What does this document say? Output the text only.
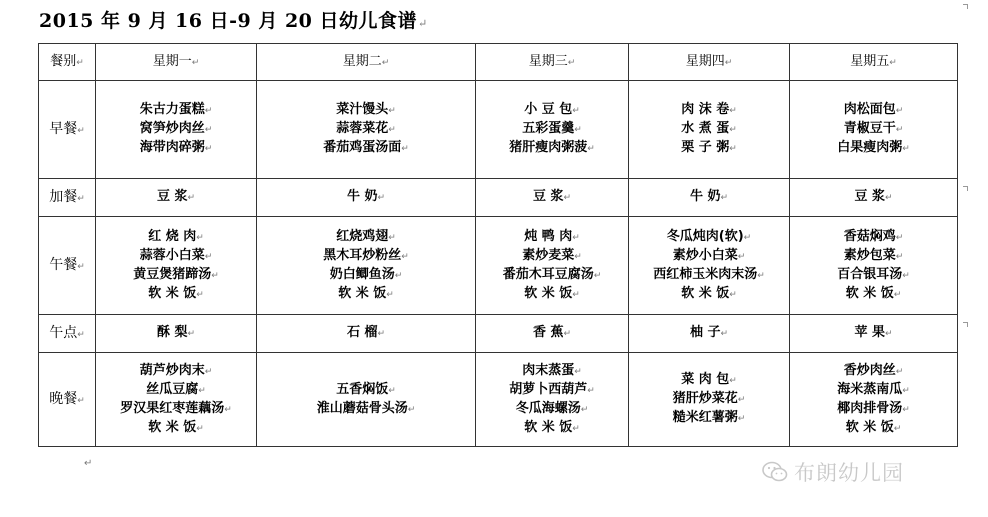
2015 年 9 月 16 日-9 月 20 日幼儿食谱↵
餐别↵	星期一↵	星期二↵	星期三↵	星期四↵	星期五↵
早餐↵	朱古力蛋糕↵
窝笋炒肉丝↵
海带肉碎粥↵	菜汁馒头↵
蒜蓉菜花↵
番茄鸡蛋汤面↵	小 豆 包↵
五彩蛋羹↵
猪肝瘦肉粥菠↵	肉 沫 卷↵
水 煮 蛋↵
栗 子 粥↵	肉松面包↵
青椒豆干↵
白果瘦肉粥↵

加餐↵	豆 浆↵	牛 奶↵	豆 浆↵	牛 奶↵	豆 浆↵

午餐↵	红 烧 肉↵
蒜蓉小白菜↵
黄豆煲猪蹄汤↵
软 米 饭↵	红烧鸡翅↵
黑木耳炒粉丝↵
奶白鲫鱼汤↵
软 米 饭↵	炖 鸭 肉↵
素炒麦菜↵
番茄木耳豆腐汤↵
软 米 饭↵	冬瓜炖肉(软)↵
素炒小白菜↵
西红柿玉米肉末汤↵
软 米 饭↵	香菇焖鸡↵
素炒包菜↵
百合银耳汤↵
软 米 饭↵

午点↵	酥 梨↵	石 榴↵	香 蕉↵	柚 子↵	苹 果↵

晚餐↵	葫芦炒肉末↵
丝瓜豆腐↵
罗汉果红枣莲藕汤↵
软 米 饭↵	五香焖饭↵
淮山蘑菇骨头汤↵	肉末蒸蛋↵
胡萝卜西葫芦↵
冬瓜海螺汤↵
软 米 饭↵	菜 肉 包↵
猪肝炒菜花↵
糙米红薯粥↵	香炒肉丝↵
海米蒸南瓜↵
椰肉排骨汤↵
软 米 饭↵
↵	布朗幼儿园
